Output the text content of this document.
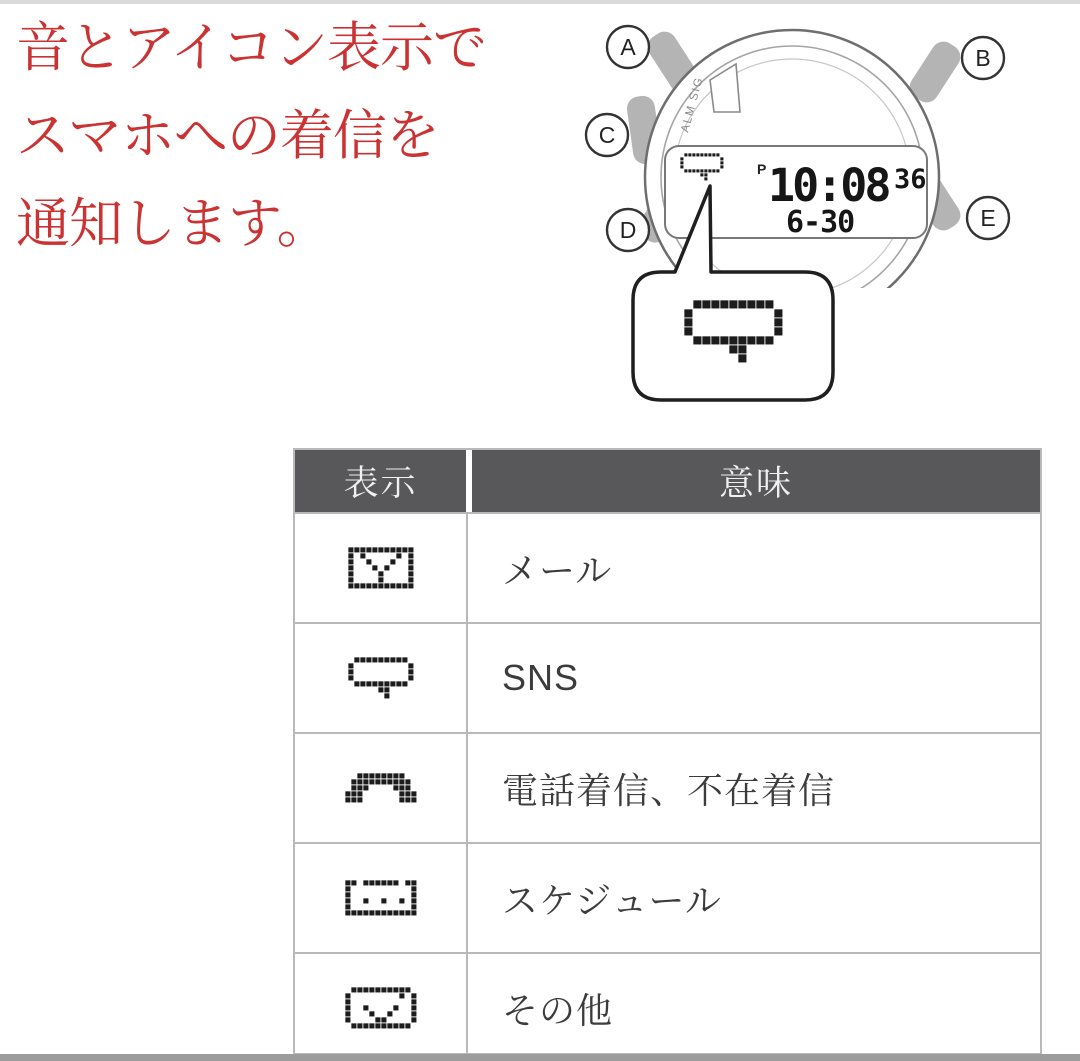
音とアイコン表示で
スマホへの着信を
通知します。
ALM SIG
P 10:08 36
6-30
A	B
C
D	E
表示	意味
メール
SNS
電話着信、不在着信
スケジュール
その他
